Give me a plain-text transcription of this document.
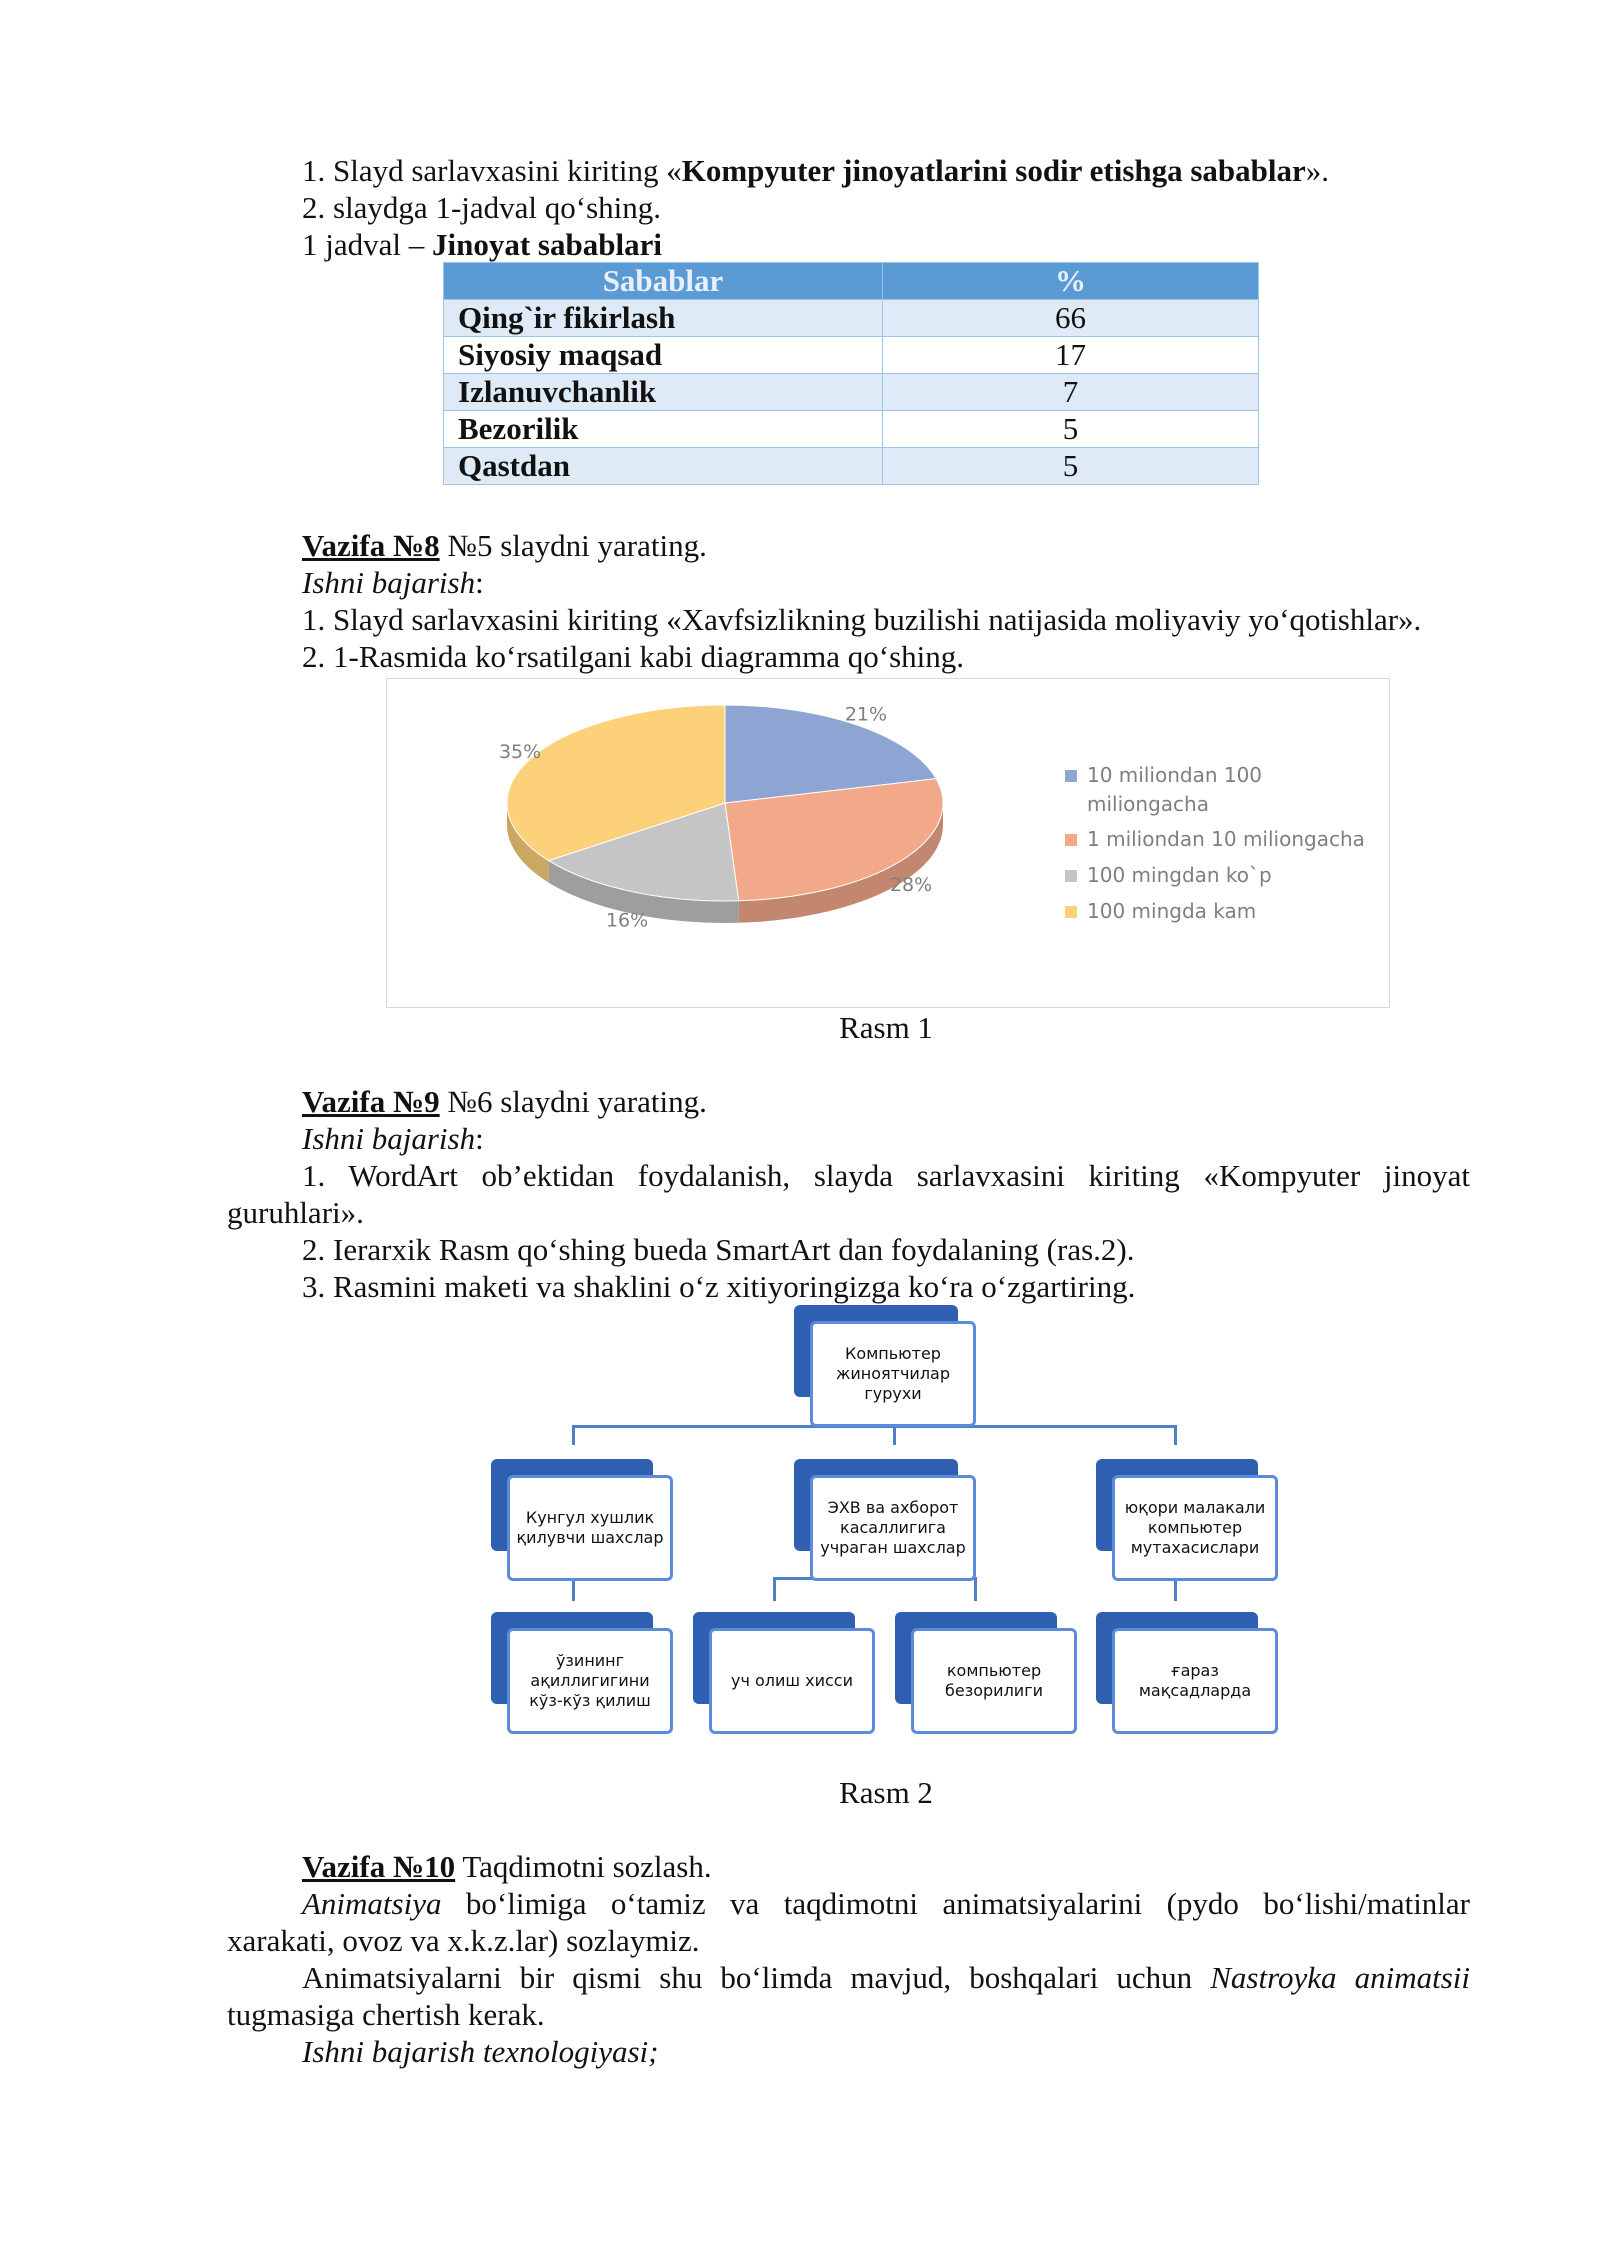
1. Slayd sarlavxasini kiriting «Kompyuter jinoyatlarini sodir etishga sabablar».
2. slaydga 1-jadval qo‘shing.
1 jadval – Jinoyat sabablari
Sabablar	%
Qing`ir fikirlash	66
Siyosiy maqsad	17
Izlanuvchanlik	7
Bezorilik	5
Qastdan	5
Vazifa №8 №5 slaydni yarating.
Ishni bajarish:
1. Slayd sarlavxasini kiriting «Xavfsizlikning buzilishi natijasida moliyaviy yo‘qotishlar».
2. 1-Rasmida ko‘rsatilgani kabi diagramma qo‘shing.
21%
28%
16%
35%
10 miliondan 100
miliongacha
1 miliondan 10 miliongacha
100 mingdan ko`p
100 mingda kam
Rasm 1
Vazifa №9 №6 slaydni yarating.
Ishni bajarish:
1. WordArt ob’ektidan foydalanish, slayda sarlavxasini kiriting «Kompyuter jinoyat
guruhlari».
2. Ierarxik Rasm qo‘shing bueda SmartArt dan foydalaning (ras.2).
3. Rasmini maketi va shaklini o‘z xitiyoringizga ko‘ra o‘zgartiring.
Компьютер жиноятчилар гурухи
Кунгул хушлик қилувчи шахслар
ЭХВ ва ахборот касаллигига учраган шахслар
юқори малакали компьютер мутахасислари
ўзининг ақиллигигини кўз-кўз қилиш
уч олиш хисси
компьютер безорилиги
ғараз мақсадларда
Rasm 2
Vazifa №10 Taqdimotni sozlash.
Animatsiya bo‘limiga o‘tamiz va taqdimotni animatsiyalarini (pydo bo‘lishi/matinlar
xarakati, ovoz va x.k.z.lar) sozlaymiz.
Animatsiyalarni bir qismi shu bo‘limda mavjud, boshqalari uchun Nastroyka animatsii
tugmasiga chertish kerak.
Ishni bajarish texnologiyasi;
